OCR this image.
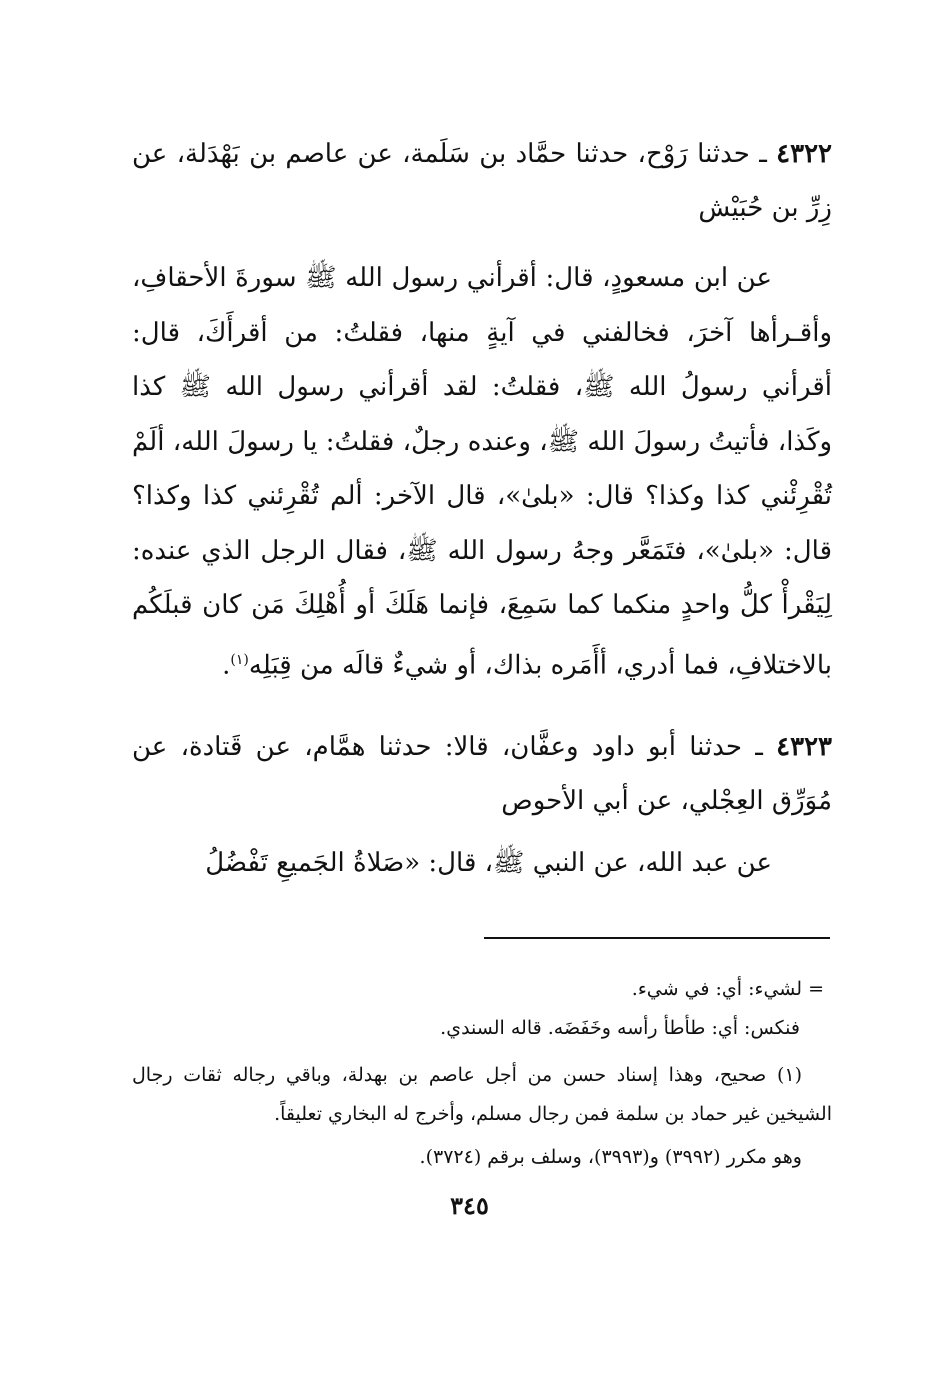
٤٣٢٢ ـ حدثنا رَوْح، حدثنا حمَّاد بن سَلَمة، عن عاصم بن بَهْدَلة، عن زِرِّ بن حُبَيْش
عن ابن مسعودٍ، قال: أقرأني رسول الله ﷺ سورةَ الأحقافِ، وأقـرأها آخرَ، فخالفني في آيةٍ منها، فقلتُ: من أقرأَكَ، قال: أقرأني رسولُ الله ﷺ، فقلتُ: لقد أقرأني رسول الله ﷺ كذا وكَذا، فأتيتُ رسولَ الله ﷺ، وعنده رجلٌ، فقلتُ: يا رسولَ الله، ألَمْ تُقْرِئْني كذا وكذا؟ قال: «بلىٰ»، قال الآخر: ألم تُقْرِئني كذا وكذا؟ قال: «بلىٰ»، فتَمَعَّر وجهُ رسول الله ﷺ، فقال الرجل الذي عنده: لِيَقْرأْ كلُّ واحدٍ منكما كما سَمِعَ، فإنما هَلَكَ أو أُهْلِكَ مَن كان قبلَكُم بالاختلافِ، فما أدري، أأَمَره بذاك، أو شيءٌ قالَه من قِبَلِه$^{(١)}$.
٤٣٢٣ ـ حدثنا أبو داود وعفَّان، قالا: حدثنا همَّام، عن قَتادة، عن مُوَرِّق العِجْلي، عن أبي الأحوص
عن عبد الله، عن النبي ﷺ، قال: «صَلاةُ الجَميعِ تَفْضُلُ
= لشيء: أي: في شيء.
فنكس: أي: طأطأ رأسه وخَفَضَه. قاله السندي.
(١) صحيح، وهذا إسناد حسن من أجل عاصم بن بهدلة، وباقي رجاله ثقات رجال الشيخين غير حماد بن سلمة فمن رجال مسلم، وأخرج له البخاري تعليقاً.
وهو مكرر (٣٩٩٢) و(٣٩٩٣)، وسلف برقم (٣٧٢٤).
٣٤٥
